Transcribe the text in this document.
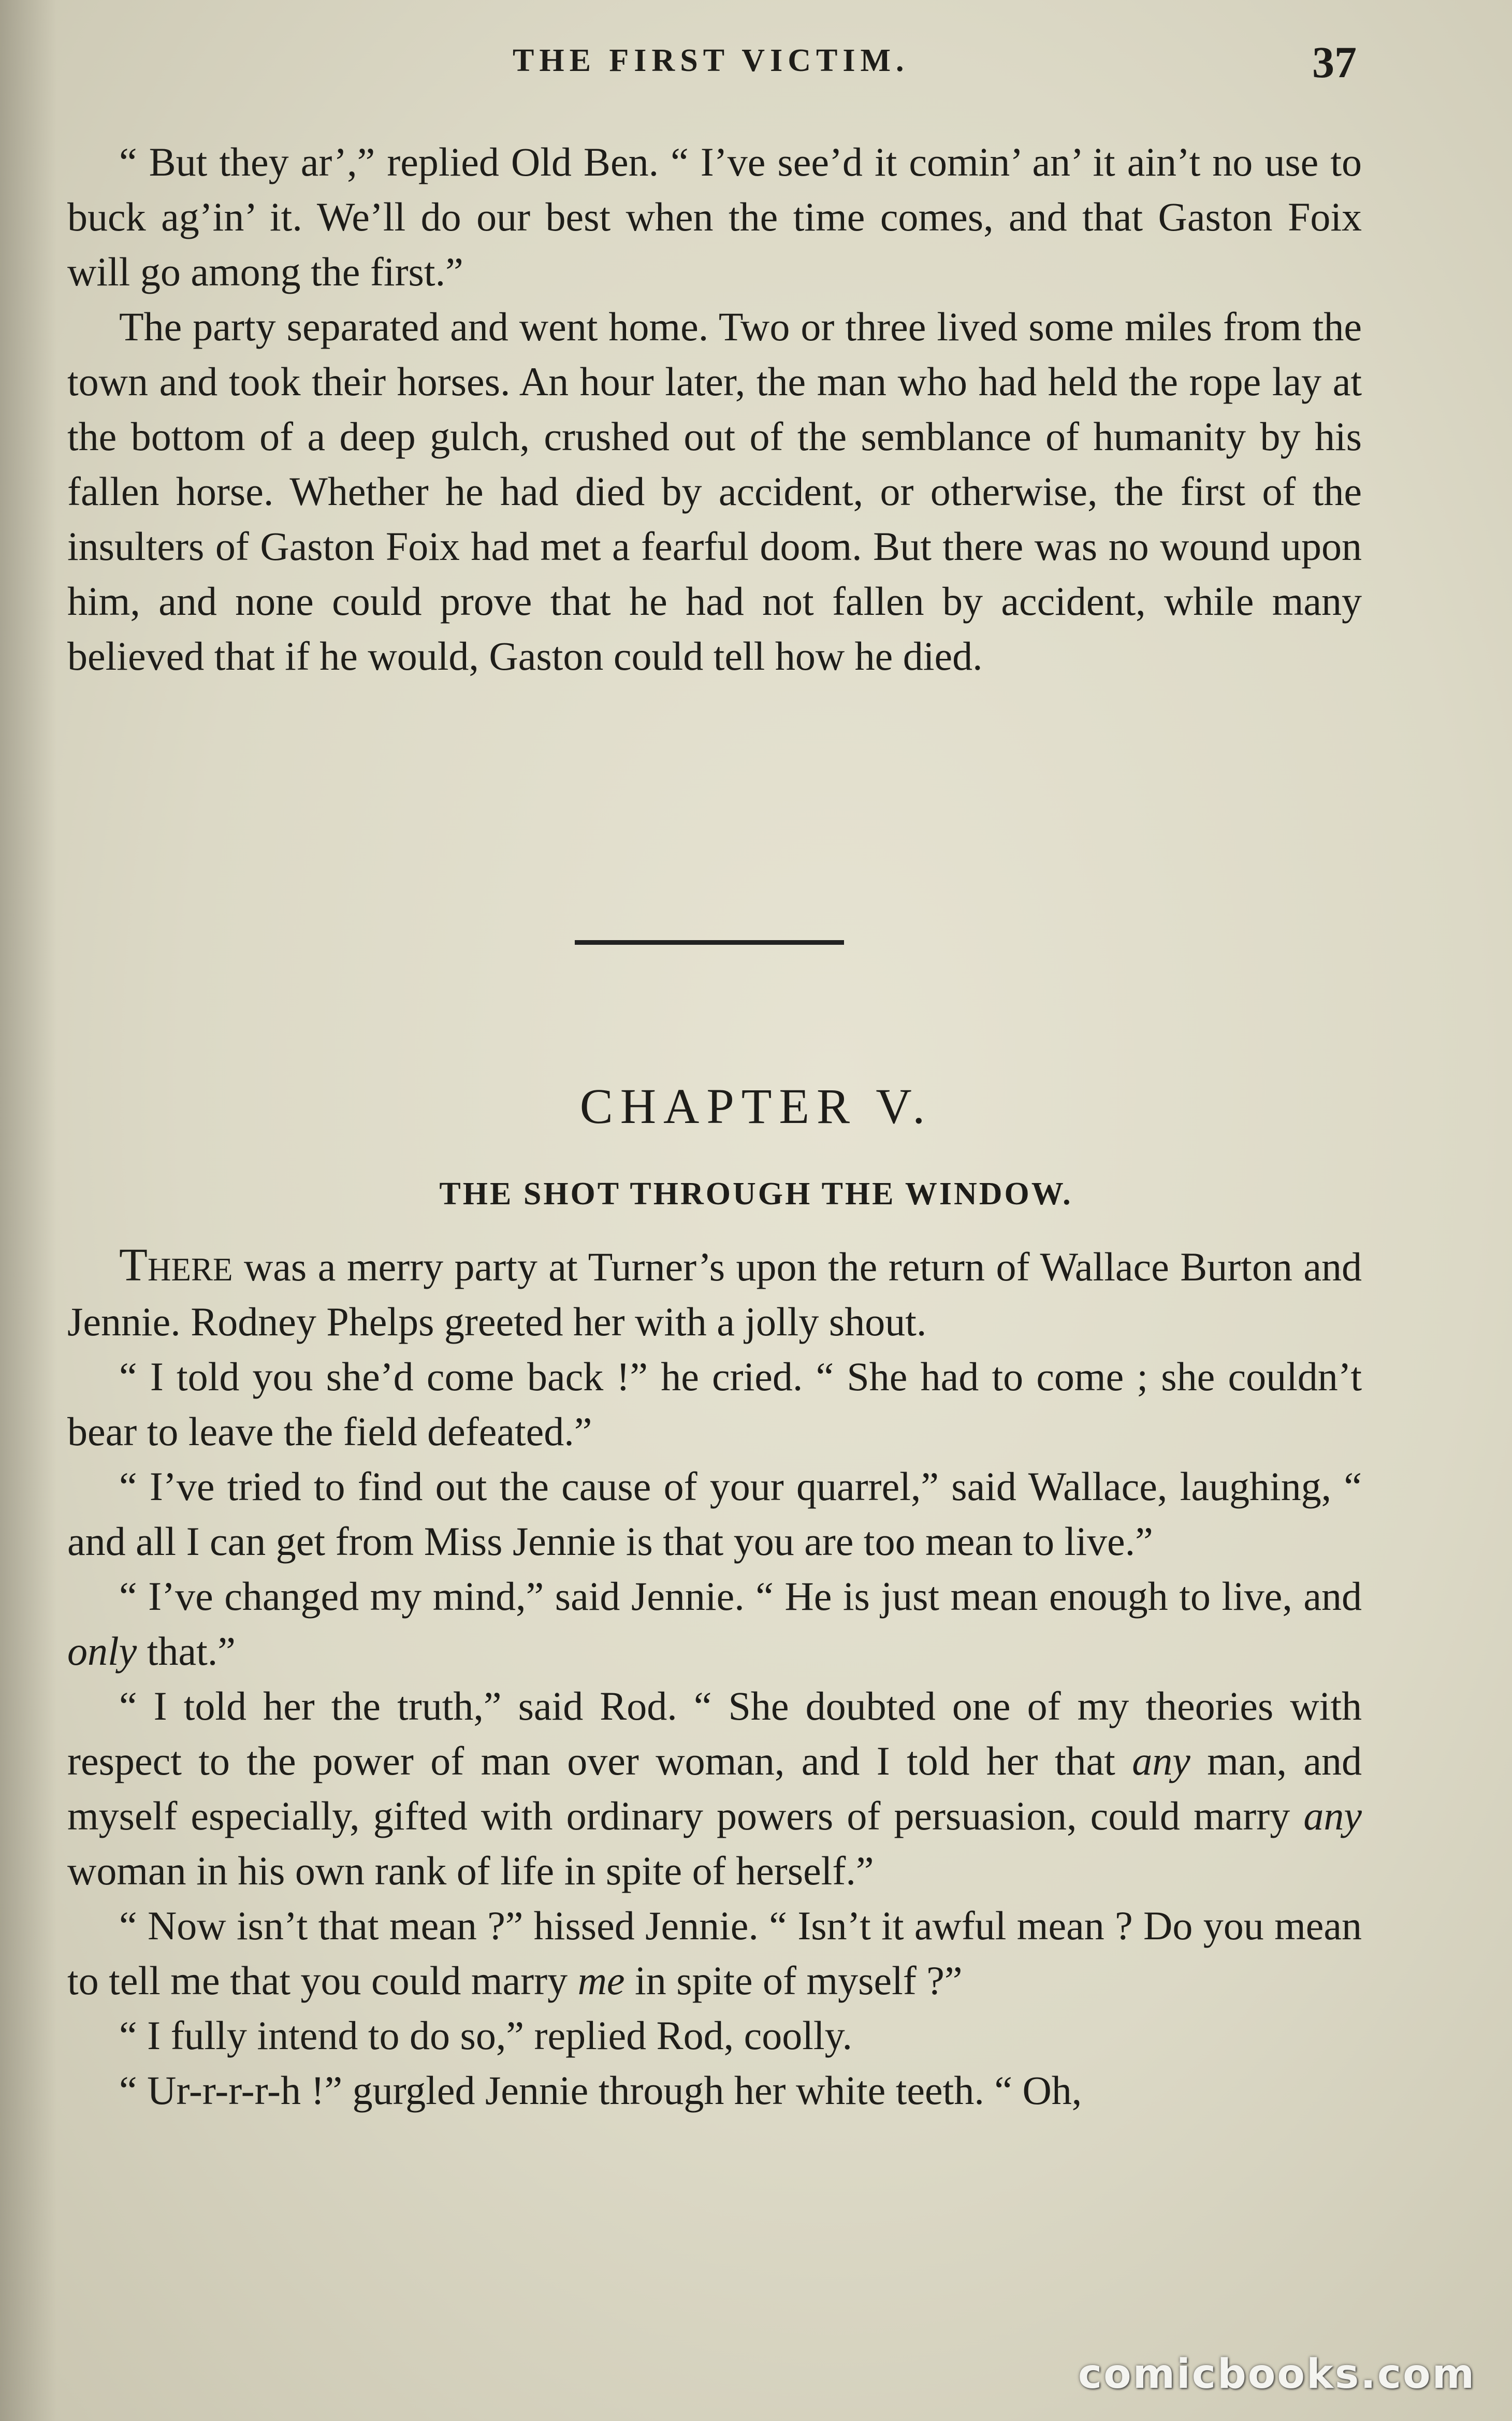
THE FIRST VICTIM.	37

“ But they ar’,” replied Old Ben. “ I’ve see’d it comin’ an’ it ain’t no use to buck ag’in’ it. We’ll do our best when the time comes, and that Gaston Foix will go among the first.”

The party separated and went home. Two or three lived some miles from the town and took their horses. An hour later, the man who had held the rope lay at the bottom of a deep gulch, crushed out of the semblance of humanity by his fallen horse. Whether he had died by accident, or otherwise, the first of the insulters of Gaston Foix had met a fearful doom. But there was no wound upon him, and none could prove that he had not fallen by accident, while many believed that if he would, Gaston could tell how he died.

CHAPTER V.
THE SHOT THROUGH THE WINDOW.

There was a merry party at Turner’s upon the return of Wallace Burton and Jennie. Rodney Phelps greeted her with a jolly shout.

“ I told you she’d come back !” he cried. “ She had to come ; she couldn’t bear to leave the field defeated.”

“ I’ve tried to find out the cause of your quarrel,” said Wallace, laughing, “ and all I can get from Miss Jennie is that you are too mean to live.”

“ I’ve changed my mind,” said Jennie. “ He is just mean enough to live, and only that.”

“ I told her the truth,” said Rod. “ She doubted one of my theories with respect to the power of man over woman, and I told her that any man, and myself especially, gifted with ordinary powers of persuasion, could marry any woman in his own rank of life in spite of herself.”

“ Now isn’t that mean ?” hissed Jennie. “ Isn’t it awful mean ? Do you mean to tell me that you could marry me in spite of myself ?”

“ I fully intend to do so,” replied Rod, coolly.

“ Ur-r-r-r-h !” gurgled Jennie through her white teeth. “ Oh,

comicbooks.com
